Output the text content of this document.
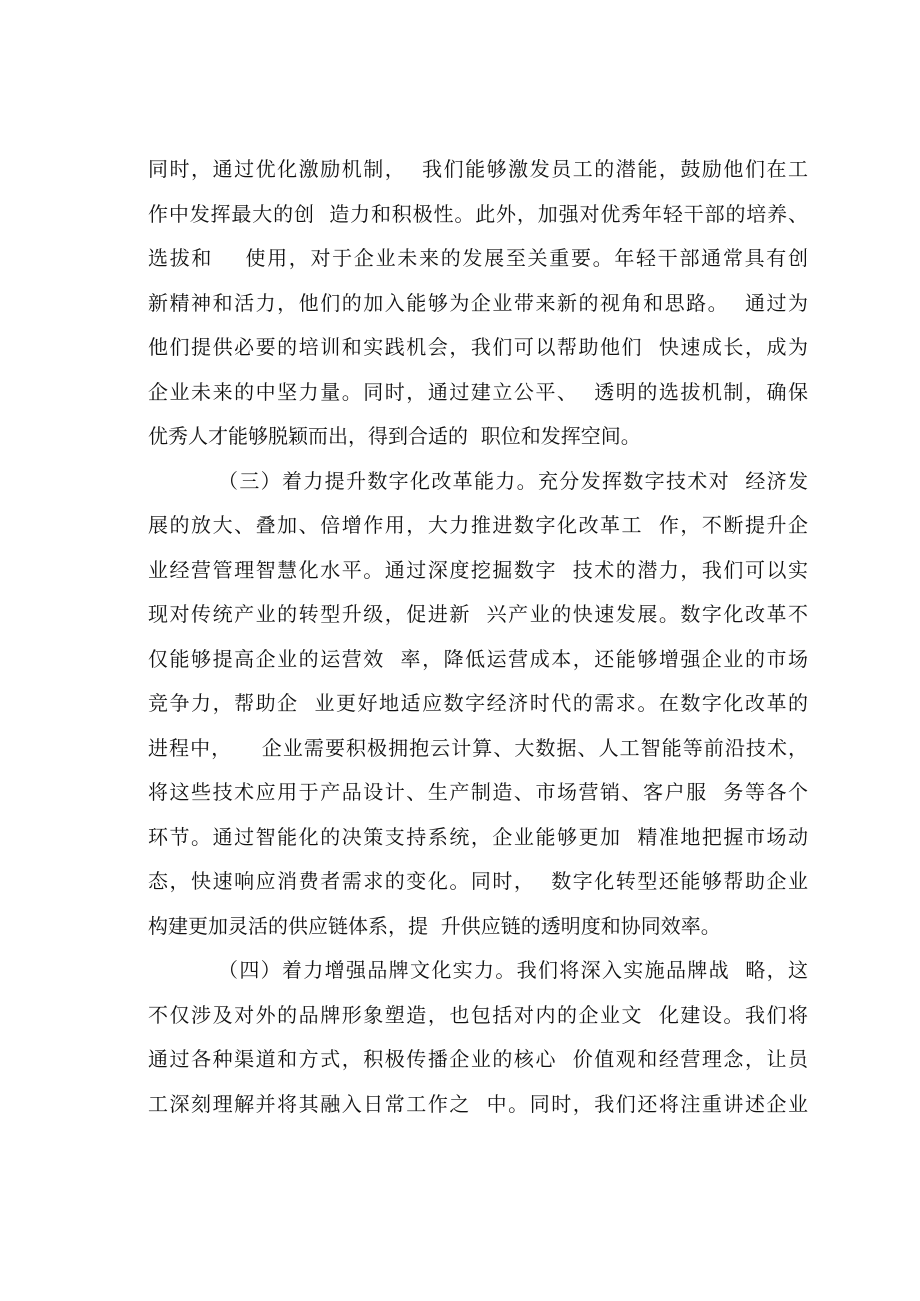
同时，通过优化激励机制，  我们能够激发员工的潜能，鼓励他们在工
作中发挥最大的创  造力和积极性。此外，加强对优秀年轻干部的培养、
选拔和    使用，对于企业未来的发展至关重要。年轻干部通常具有创
新精神和活力，他们的加入能够为企业带来新的视角和思路。  通过为
他们提供必要的培训和实践机会，我们可以帮助他们  快速成长，成为
企业未来的中坚力量。同时，通过建立公平、  透明的选拔机制，确保
优秀人才能够脱颖而出，得到合适的  职位和发挥空间。
（三）着力提升数字化改革能力。充分发挥数字技术对  经济发
展的放大、叠加、倍增作用，大力推进数字化改革工  作，不断提升企
业经营管理智慧化水平。通过深度挖掘数字  技术的潜力，我们可以实
现对传统产业的转型升级，促进新  兴产业的快速发展。数字化改革不
仅能够提高企业的运营效  率，降低运营成本，还能够增强企业的市场
竞争力，帮助企  业更好地适应数字经济时代的需求。在数字化改革的
进程中，    企业需要积极拥抱云计算、大数据、人工智能等前沿技术，
将这些技术应用于产品设计、生产制造、市场营销、客户服  务等各个
环节。通过智能化的决策支持系统，企业能够更加  精准地把握市场动
态，快速响应消费者需求的变化。同时，  数字化转型还能够帮助企业
构建更加灵活的供应链体系，提  升供应链的透明度和协同效率。
（四）着力增强品牌文化实力。我们将深入实施品牌战  略，这
不仅涉及对外的品牌形象塑造，也包括对内的企业文  化建设。我们将
通过各种渠道和方式，积极传播企业的核心  价值观和经营理念，让员
工深刻理解并将其融入日常工作之  中。同时，我们还将注重讲述企业
